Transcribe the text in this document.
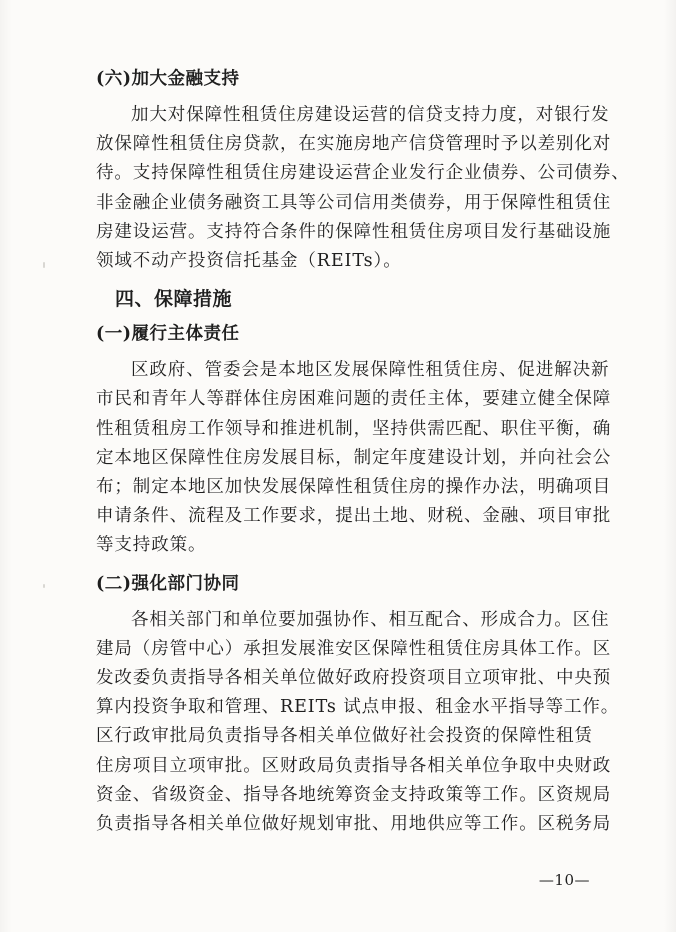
(六)加大金融支持
加大对保障性租赁住房建设运营的信贷支持力度，对银行发
放保障性租赁住房贷款，在实施房地产信贷管理时予以差别化对
待。支持保障性租赁住房建设运营企业发行企业债券、公司债券、
非金融企业债务融资工具等公司信用类债券，用于保障性租赁住
房建设运营。支持符合条件的保障性租赁住房项目发行基础设施
领域不动产投资信托基金（REITs）。
四、保障措施
(一)履行主体责任
区政府、管委会是本地区发展保障性租赁住房、促进解决新
市民和青年人等群体住房困难问题的责任主体，要建立健全保障
性租赁租房工作领导和推进机制，坚持供需匹配、职住平衡，确
定本地区保障性住房发展目标，制定年度建设计划，并向社会公
布；制定本地区加快发展保障性租赁住房的操作办法，明确项目
申请条件、流程及工作要求，提出土地、财税、金融、项目审批
等支持政策。
(二)强化部门协同
各相关部门和单位要加强协作、相互配合、形成合力。区住
建局（房管中心）承担发展淮安区保障性租赁住房具体工作。区
发改委负责指导各相关单位做好政府投资项目立项审批、中央预
算内投资争取和管理、REITs 试点申报、租金水平指导等工作。
区行政审批局负责指导各相关单位做好社会投资的保障性租赁
住房项目立项审批。区财政局负责指导各相关单位争取中央财政
资金、省级资金、指导各地统筹资金支持政策等工作。区资规局
负责指导各相关单位做好规划审批、用地供应等工作。区税务局
—10—
